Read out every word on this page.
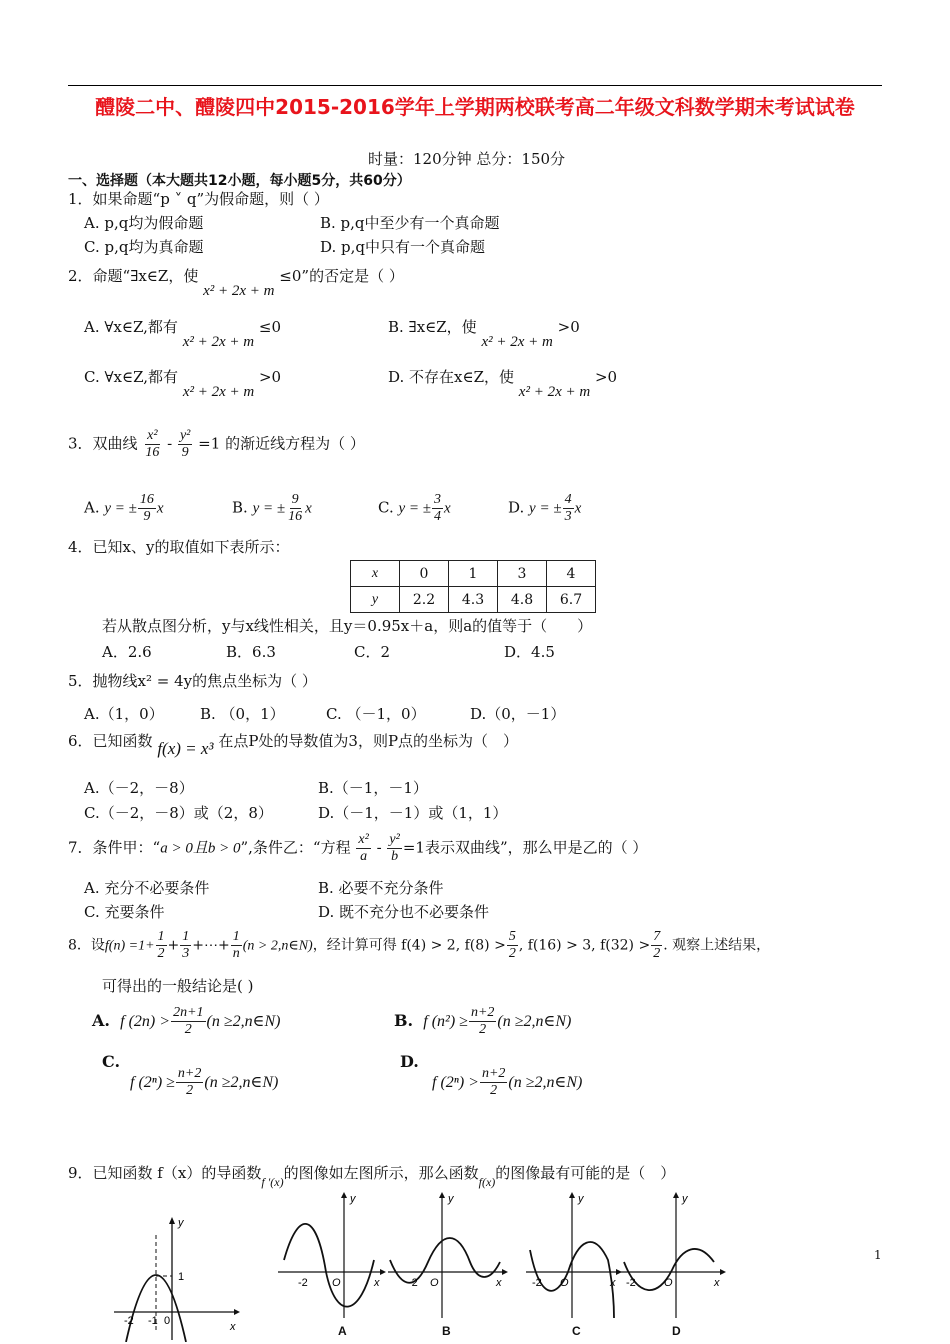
醴陵二中、醴陵四中2015-2016学年上学期两校联考高二年级文科数学期末考试试卷
时量：120分钟 总分：150分
一、选择题（本大题共12小题，每小题5分，共60分）
1．如果命题“p ˅ q”为假命题，则（ ）
A. p,q均为假命题	B. p,q中至少有一个真命题
C. p,q均为真命题	D. p,q中只有一个真命题
2．命题“∃x∈Z，使 x² + 2x + m ≤0”的否定是（ ）
A. ∀x∈Z,都有 x² + 2x + m ≤0	B. ∃x∈Z，使 x² + 2x + m >0
C. ∀x∈Z,都有 x² + 2x + m >0	D. 不存在x∈Z，使 x² + 2x + m >0
3．双曲线 $\frac{\text{x²}}{16} - \frac{\text{y²}}{9} =1$ 的渐近线方程为（ ）
A. y = ± $\frac{16}{9}$ x	B. y = ± $\frac{9}{16}$ x	C. y = ± $\frac{3}{4}$ x	D. y = ± $\frac{4}{3}$ x
4．已知x、y的取值如下表所示：
x	0	1	3	4
y	2.2	4.3	4.8	6.7
若从散点图分析，y与x线性相关，且y＝0.95x＋a，则a的值等于（　　）
A．2.6	B．6.3	C．2	D．4.5
5．抛物线x² = 4y的焦点坐标为（ ）
A.（1，0） B. （0，1）	C. （－1，0）	D.（0，－1）
6．已知函数 f(x) = x³ 在点P处的导数值为3，则P点的坐标为（　）
A.（－2，－8）	B.（－1，－1）
C.（－2，－8）或（2，8）	D.（－1，－1）或（1，1）
7．条件甲：“a > 0且b > 0”,条件乙：“方程 $\frac{\text{x²}}{a} - \frac{\text{y²}}{b} =1$表示双曲线”，那么甲是乙的（ ）
A. 充分不必要条件	B. 必要不充分条件
C. 充要条件	D. 既不充分也不必要条件
8．设$f(n) =1+ \frac{1}{2} + \frac{1}{3}$ +⋯+ $\frac{1}{n} (n$ > 2,n∈N)，经计算可得 f(4) > 2, $f(8) > \frac{5}{2}$ , f(16) > 3, $f(32) > \frac{7}{2}$ . 观察上述结果，
可得出的一般结论是( )
A. f $(2n) > \frac{2n+1}{2} (n$ ≥2,n∈N)	B. f $(n^2) \ge \frac{n+2}{2} (n$ ≥2,n∈N)
C.
f $(2^n) \ge \frac{n+2}{2} (n$ ≥2,n∈N)
D.
f $(2^n) > \frac{n+2}{2} (n$ ≥2,n∈N)
9．已知函数 f（x）的导函数$_{f '(x)}$的图像如左图所示，那么函数$_{f(x)}$的图像最有可能的是（　）
y
x
1
-2 -1 0
y
x
-2 O
y
x
-2 O
y
x
-2 O
y
x
-2	O
A	B	C	D
1
